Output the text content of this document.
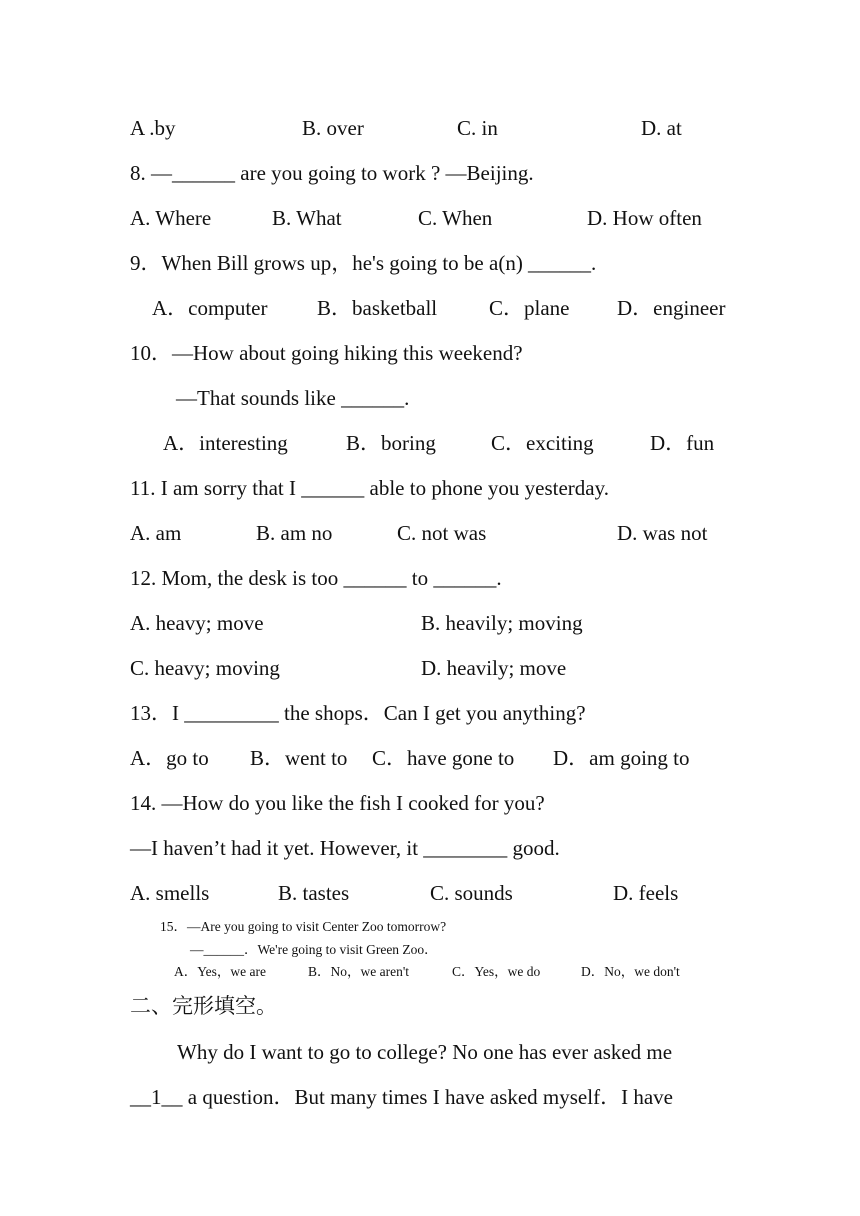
A .by	B. over	C. in	D. at
8. —______ are you going to work ? —Beijing.
A. Where	B. What	C. When	D. How often
9．When Bill grows up，he's going to be a(n) ______.
A．computer B．basketball C．plane D．engineer
10．—How about going hiking this weekend?
—That sounds like ______.
A．interesting	B．boring	C．exciting	D．fun
11. I am sorry that I ______ able to phone you yesterday.
A. am	B. am no	C. not was	D. was not
12. Mom, the desk is too ______ to ______.
A. heavy; move	B. heavily; moving
C. heavy; moving	D. heavily; move
13．I _________ the shops．Can I get you anything?
A．go to B．went to C．have gone to D．am going to
14. —How do you like the fish I cooked for you?
—I haven’t had it yet. However, it ________ good.
A. smells	B. tastes	C. sounds	D. feels
15．—Are you going to visit Center Zoo tomorrow?
—______．We're going to visit Green Zoo．
A．Yes，we are	B．No，we aren't	C．Yes，we do	D．No，we don't
二、完形填空。
Why do I want to go to college? No one has ever asked me
__1__ a question．But many times I have asked myself．I have
